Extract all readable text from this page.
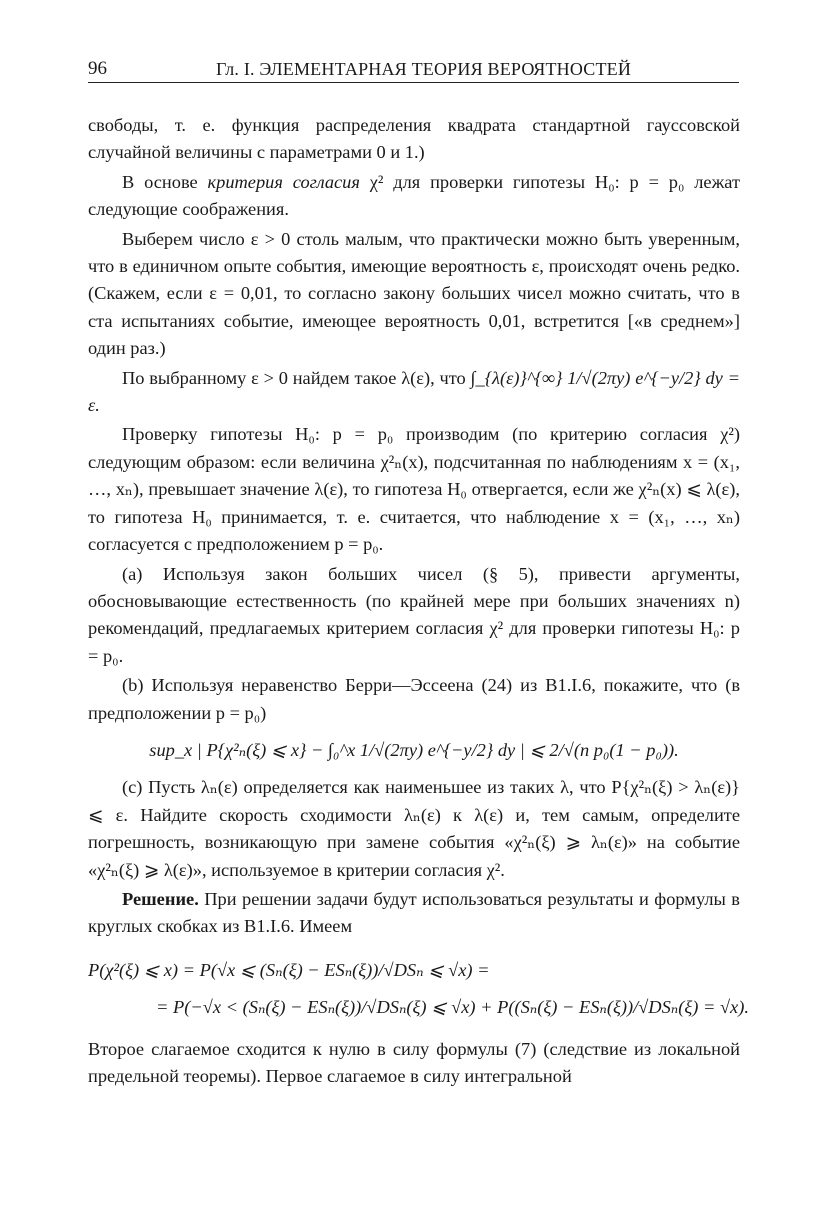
96	Гл. I. ЭЛЕМЕНТАРНАЯ ТЕОРИЯ ВЕРОЯТНОСТЕЙ

свободы, т. е. функция распределения квадрата стандартной гауссовской случайной величины с параметрами 0 и 1.)

В основе критерия согласия χ² для проверки гипотезы H₀: p = p₀ лежат следующие соображения.

Выберем число ε > 0 столь малым, что практически можно быть уверенным, что в единичном опыте события, имеющие вероятность ε, происходят очень редко. (Скажем, если ε = 0,01, то согласно закону больших чисел можно считать, что в ста испытаниях событие, имеющее вероятность 0,01, встретится [«в среднем»] один раз.)

По выбранному ε > 0 найдем такое λ(ε), что ∫_{λ(ε)}^{∞} 1/√(2πy) e^{−y/2} dy = ε.

Проверку гипотезы H₀: p = p₀ производим (по критерию согласия χ²) следующим образом: если величина χ²ₙ(x), подсчитанная по наблюдениям x = (x₁, …, xₙ), превышает значение λ(ε), то гипотеза H₀ отвергается, если же χ²ₙ(x) ⩽ λ(ε), то гипотеза H₀ принимается, т. е. считается, что наблюдение x = (x₁, …, xₙ) согласуется с предположением p = p₀.

(a) Используя закон больших чисел (§ 5), привести аргументы, обосновывающие естественность (по крайней мере при больших значениях n) рекомендаций, предлагаемых критерием согласия χ² для проверки гипотезы H₀: p = p₀.

(b) Используя неравенство Берри—Эссеена (24) из В1.I.6, покажите, что (в предположении p = p₀)

sup_x | P{χ²ₙ(ξ) ⩽ x} − ∫₀^x 1/√(2πy) e^{−y/2} dy | ⩽ 2/√(n p₀(1 − p₀)).

(c) Пусть λₙ(ε) определяется как наименьшее из таких λ, что P{χ²ₙ(ξ) > λₙ(ε)} ⩽ ε. Найдите скорость сходимости λₙ(ε) к λ(ε) и, тем самым, определите погрешность, возникающую при замене события «χ²ₙ(ξ) ⩾ λₙ(ε)» на событие «χ²ₙ(ξ) ⩾ λ(ε)», используемое в критерии согласия χ².

Решение. При решении задачи будут использоваться результаты и формулы в круглых скобках из В1.I.6. Имеем

P(χ²(ξ) ⩽ x) = P(√x ⩽ (Sₙ(ξ) − ESₙ(ξ))/√DSₙ ⩽ √x) =
= P(−√x < (Sₙ(ξ) − ESₙ(ξ))/√DSₙ(ξ) ⩽ √x) + P((Sₙ(ξ) − ESₙ(ξ))/√DSₙ(ξ) = √x).

Второе слагаемое сходится к нулю в силу формулы (7) (следствие из локальной предельной теоремы). Первое слагаемое в силу интегральной
